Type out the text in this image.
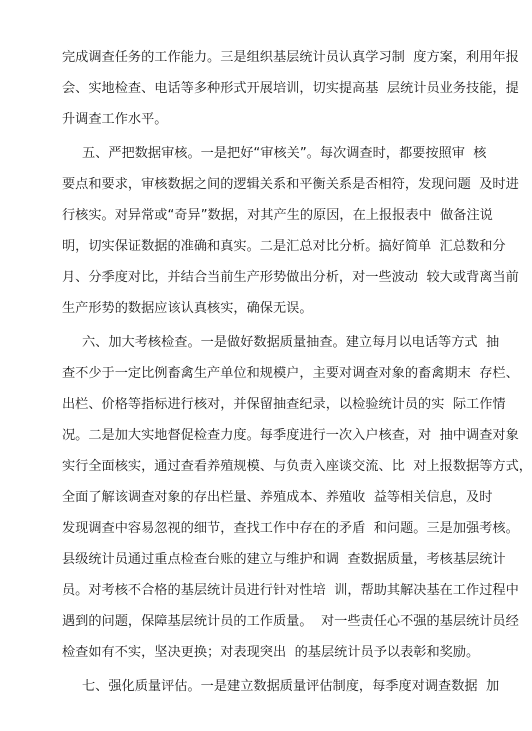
完成调查任务的工作能力。三是组织基层统计员认真学习制  度方案，利用年报
会、实地检查、电话等多种形式开展培训，切实提高基  层统计员业务技能，提
升调查工作水平。
五、严把数据审核。一是把好“审核关”。每次调查时，都要按照审  核
要点和要求，审核数据之间的逻辑关系和平衡关系是否相符，发现问题  及时进
行核实。对异常或“奇异”数据，对其产生的原因，在上报报表中  做备注说
明，切实保证数据的准确和真实。二是汇总对比分析。搞好简单  汇总数和分
月、分季度对比，并结合当前生产形势做出分析，对一些波动  较大或背离当前
生产形势的数据应该认真核实，确保无误。
六、加大考核检查。一是做好数据质量抽查。建立每月以电话等方式  抽
查不少于一定比例畜禽生产单位和规模户，主要对调查对象的畜禽期末  存栏、
出栏、价格等指标进行核对，并保留抽查纪录，以检验统计员的实  际工作情
况。二是加大实地督促检查力度。每季度进行一次入户核查，对  抽中调查对象
实行全面核实，通过查看养殖规模、与负责入座谈交流、比  对上报数据等方式，
全面了解该调查对象的存出栏量、养殖成本、养殖收  益等相关信息，及时
发现调查中容易忽视的细节，查找工作中存在的矛盾  和问题。三是加强考核。
县级统计员通过重点检查台账的建立与维护和调  查数据质量，考核基层统计
员。对考核不合格的基层统计员进行针对性培  训，帮助其解决基在工作过程中
遇到的问题，保障基层统计员的工作质量。  对一些责任心不强的基层统计员经
检查如有不实，坚决更换；对表现突出  的基层统计员予以表彰和奖励。
七、强化质量评估。一是建立数据质量评估制度，每季度对调查数据  加
